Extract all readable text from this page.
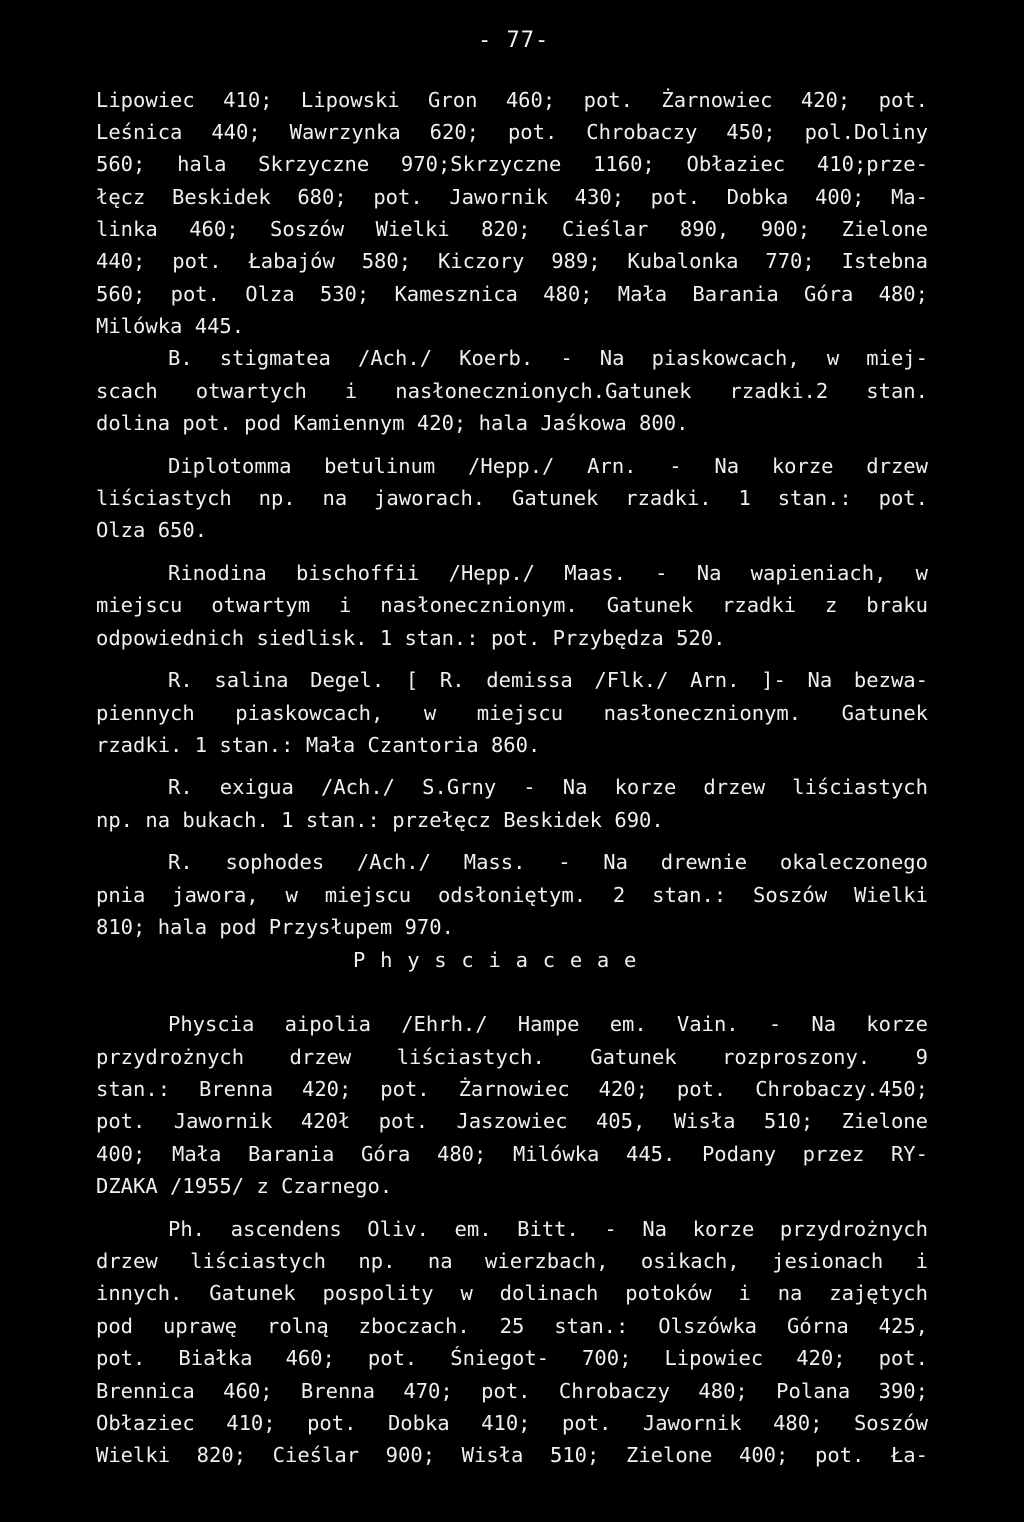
- 77-
Lipowiec 410; Lipowski Gron 460; pot. Żarnowiec 420; pot.
Leśnica 440; Wawrzynka 620; pot. Chrobaczy 450; pol.Doliny
560; hala Skrzyczne 970;Skrzyczne 1160; Obłaziec 410;prze-
łęcz Beskidek 680; pot. Jawornik 430; pot. Dobka 400; Ma-
linka 460; Soszów Wielki 820; Cieślar 890, 900; Zielone
440; pot. Łabajów 580; Kiczory 989; Kubalonka 770; Istebna
560; pot. Olza 530; Kamesznica 480; Mała Barania Góra 480;
Milówka 445.
B. stigmatea /Ach./ Koerb. - Na piaskowcach, w miej-
scach otwartych i nasłonecznionych.Gatunek rzadki.2 stan.
dolina pot. pod Kamiennym 420; hala Jaśkowa 800.
Diplotomma betulinum /Hepp./ Arn. - Na korze drzew
liściastych np. na jaworach. Gatunek rzadki. 1 stan.: pot.
Olza 650.
Rinodina bischoffii /Hepp./ Maas. - Na wapieniach, w
miejscu otwartym i nasłonecznionym. Gatunek rzadki z braku
odpowiednich siedlisk. 1 stan.: pot. Przybędza 520.
R. salina Degel. [ R. demissa /Flk./ Arn. ]- Na bezwa-
piennych piaskowcach, w miejscu nasłonecznionym. Gatunek
rzadki. 1 stan.: Mała Czantoria 860.
R. exigua /Ach./ S.Grny - Na korze drzew liściastych
np. na bukach. 1 stan.: przełęcz Beskidek 690.
R. sophodes /Ach./ Mass. - Na drewnie okaleczonego
pnia jawora, w miejscu odsłoniętym. 2 stan.: Soszów Wielki
810; hala pod Przysłupem 970.
Physciaceae
Physcia aipolia /Ehrh./ Hampe em. Vain. - Na korze
przydrożnych drzew liściastych. Gatunek rozproszony. 9
stan.: Brenna 420; pot. Żarnowiec 420; pot. Chrobaczy.450;
pot. Jawornik 420ł pot. Jaszowiec 405, Wisła 510; Zielone
400; Mała Barania Góra 480; Milówka 445. Podany przez RY-
DZAKA /1955/ z Czarnego.
Ph. ascendens Oliv. em. Bitt. - Na korze przydrożnych
drzew liściastych np. na wierzbach, osikach, jesionach i
innych. Gatunek pospolity w dolinach potoków i na zajętych
pod uprawę rolną zboczach. 25 stan.: Olszówka Górna 425,
pot. Białka 460; pot. Śniegot- 700; Lipowiec 420; pot.
Brennica 460; Brenna 470; pot. Chrobaczy 480; Polana 390;
Obłaziec 410; pot. Dobka 410; pot. Jawornik 480; Soszów
Wielki 820; Cieślar 900; Wisła 510; Zielone 400; pot. Ła-
